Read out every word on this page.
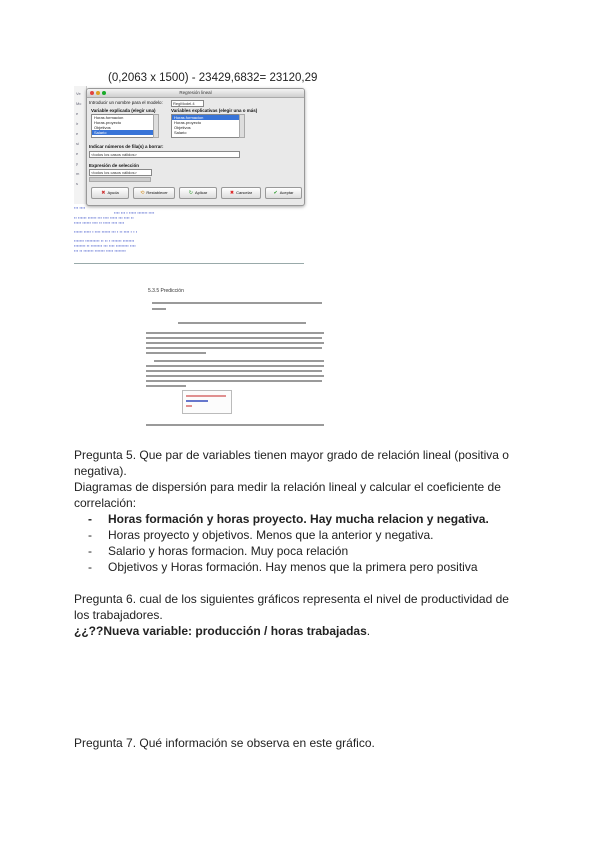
(0,2063 x 1500) - 23429,6832= 23120,29
Ve
Mc
e
ir
e
si
e
y
m
s
Regresión lineal
Introducir un nombre para el modelo:	RegModel.4
Variable explicada (elegir una)	Variables explicativas (elegir una o más)
Horas.formacion
Horas.proyecto
Objetivos
Salario
Horas.formacion
Horas.proyecto
Objetivos
Salario
Indicar números de fila(s) a borrar:
<todos los casos válidos>
Expresión de selección
<todos los casos válidos>
✖ Ayuda	⟲ Restablecer	↻ Aplicar	✖ Cancelar	✔ Aceptar
▪▪▪ ▪▪▪▪
▪▪▪▪ ▪▪▪ ▪ ▪▪▪▪▪ ▪▪▪▪▪▪▪ ▪▪▪▪
▪▪ ▪▪▪▪▪▪ ▪▪▪▪▪▪ ▪▪▪ ▪▪▪▪ ▪▪▪▪▪ ▪▪▪ ▪▪▪▪ ▪▪
▪▪▪▪▪ ▪▪▪▪▪▪ ▪▪▪▪ ▪▪ ▪▪▪▪▪ ▪▪▪▪ ▪▪▪▪
▪▪▪▪▪▪ ▪▪▪▪▪ ▪ ▪▪▪▪ ▪▪▪▪▪▪ ▪▪▪ ▪ ▪▪ ▪▪▪▪ ▪ ▪ ▪
▪▪▪▪▪▪▪ ▪▪▪▪▪▪▪▪▪▪ ▪▪ ▪▪ ▪ ▪▪▪▪▪▪▪ ▪▪▪▪▪▪▪▪
▪▪▪▪▪▪▪▪ ▪▪ ▪▪▪▪▪▪▪▪ ▪▪▪ ▪▪▪▪ ▪▪▪▪▪▪▪▪▪ ▪▪▪▪
▪▪▪ ▪▪ ▪▪▪▪▪▪▪ ▪▪▪▪▪▪▪ ▪▪▪▪▪ ▪▪▪▪▪▪▪▪
5.3.5 Predicción
Pregunta 5. Que par de variables tienen mayor grado de relación lineal (positiva o negativa).
Diagramas de dispersión para medir la relación lineal y calcular el coeficiente de correlación:
- Horas formación y horas proyecto. Hay mucha relacion y negativa.
- Horas proyecto y objetivos. Menos que la anterior y negativa.
- Salario y horas formacion. Muy poca relación
- Objetivos y Horas formación. Hay menos que la primera pero positiva
Pregunta 6. cual de los siguientes gráficos representa el nivel de productividad de los trabajadores.
¿¿??Nueva variable: producción / horas trabajadas.
Pregunta 7. Qué información se observa en este gráfico.
